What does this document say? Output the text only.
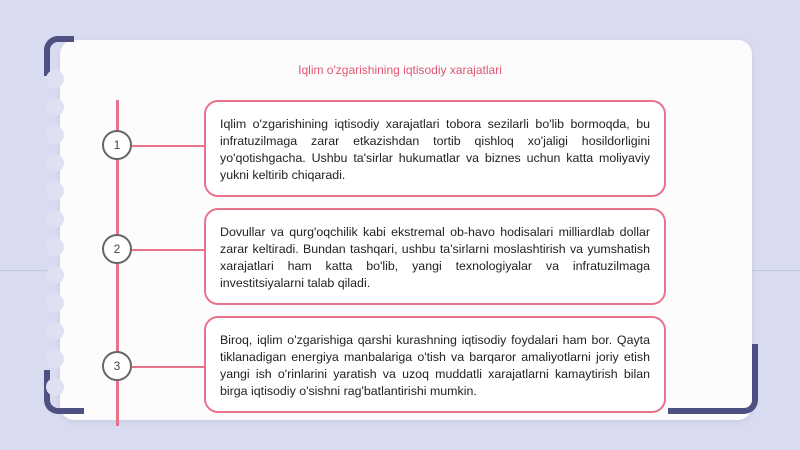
Iqlim o'zgarishining iqtisodiy xarajatlari
1
Iqlim o'zgarishining iqtisodiy xarajatlari tobora sezilarli bo'lib bormoqda, bu infratuzilmaga zarar etkazishdan tortib qishloq xo'jaligi hosildorligini yo'qotishgacha. Ushbu ta'sirlar hukumatlar va biznes uchun katta moliyaviy yukni keltirib chiqaradi.
2
Dovullar va qurg'oqchilik kabi ekstremal ob-havo hodisalari milliardlab dollar zarar keltiradi. Bundan tashqari, ushbu ta'sirlarni moslashtirish va yumshatish xarajatlari ham katta bo'lib, yangi texnologiyalar va infratuzilmaga investitsiyalarni talab qiladi.
3
Biroq, iqlim o'zgarishiga qarshi kurashning iqtisodiy foydalari ham bor. Qayta tiklanadigan energiya manbalariga o'tish va barqaror amaliyotlarni joriy etish yangi ish o'rinlarini yaratish va uzoq muddatli xarajatlarni kamaytirish bilan birga iqtisodiy o'sishni rag'batlantirishi mumkin.
